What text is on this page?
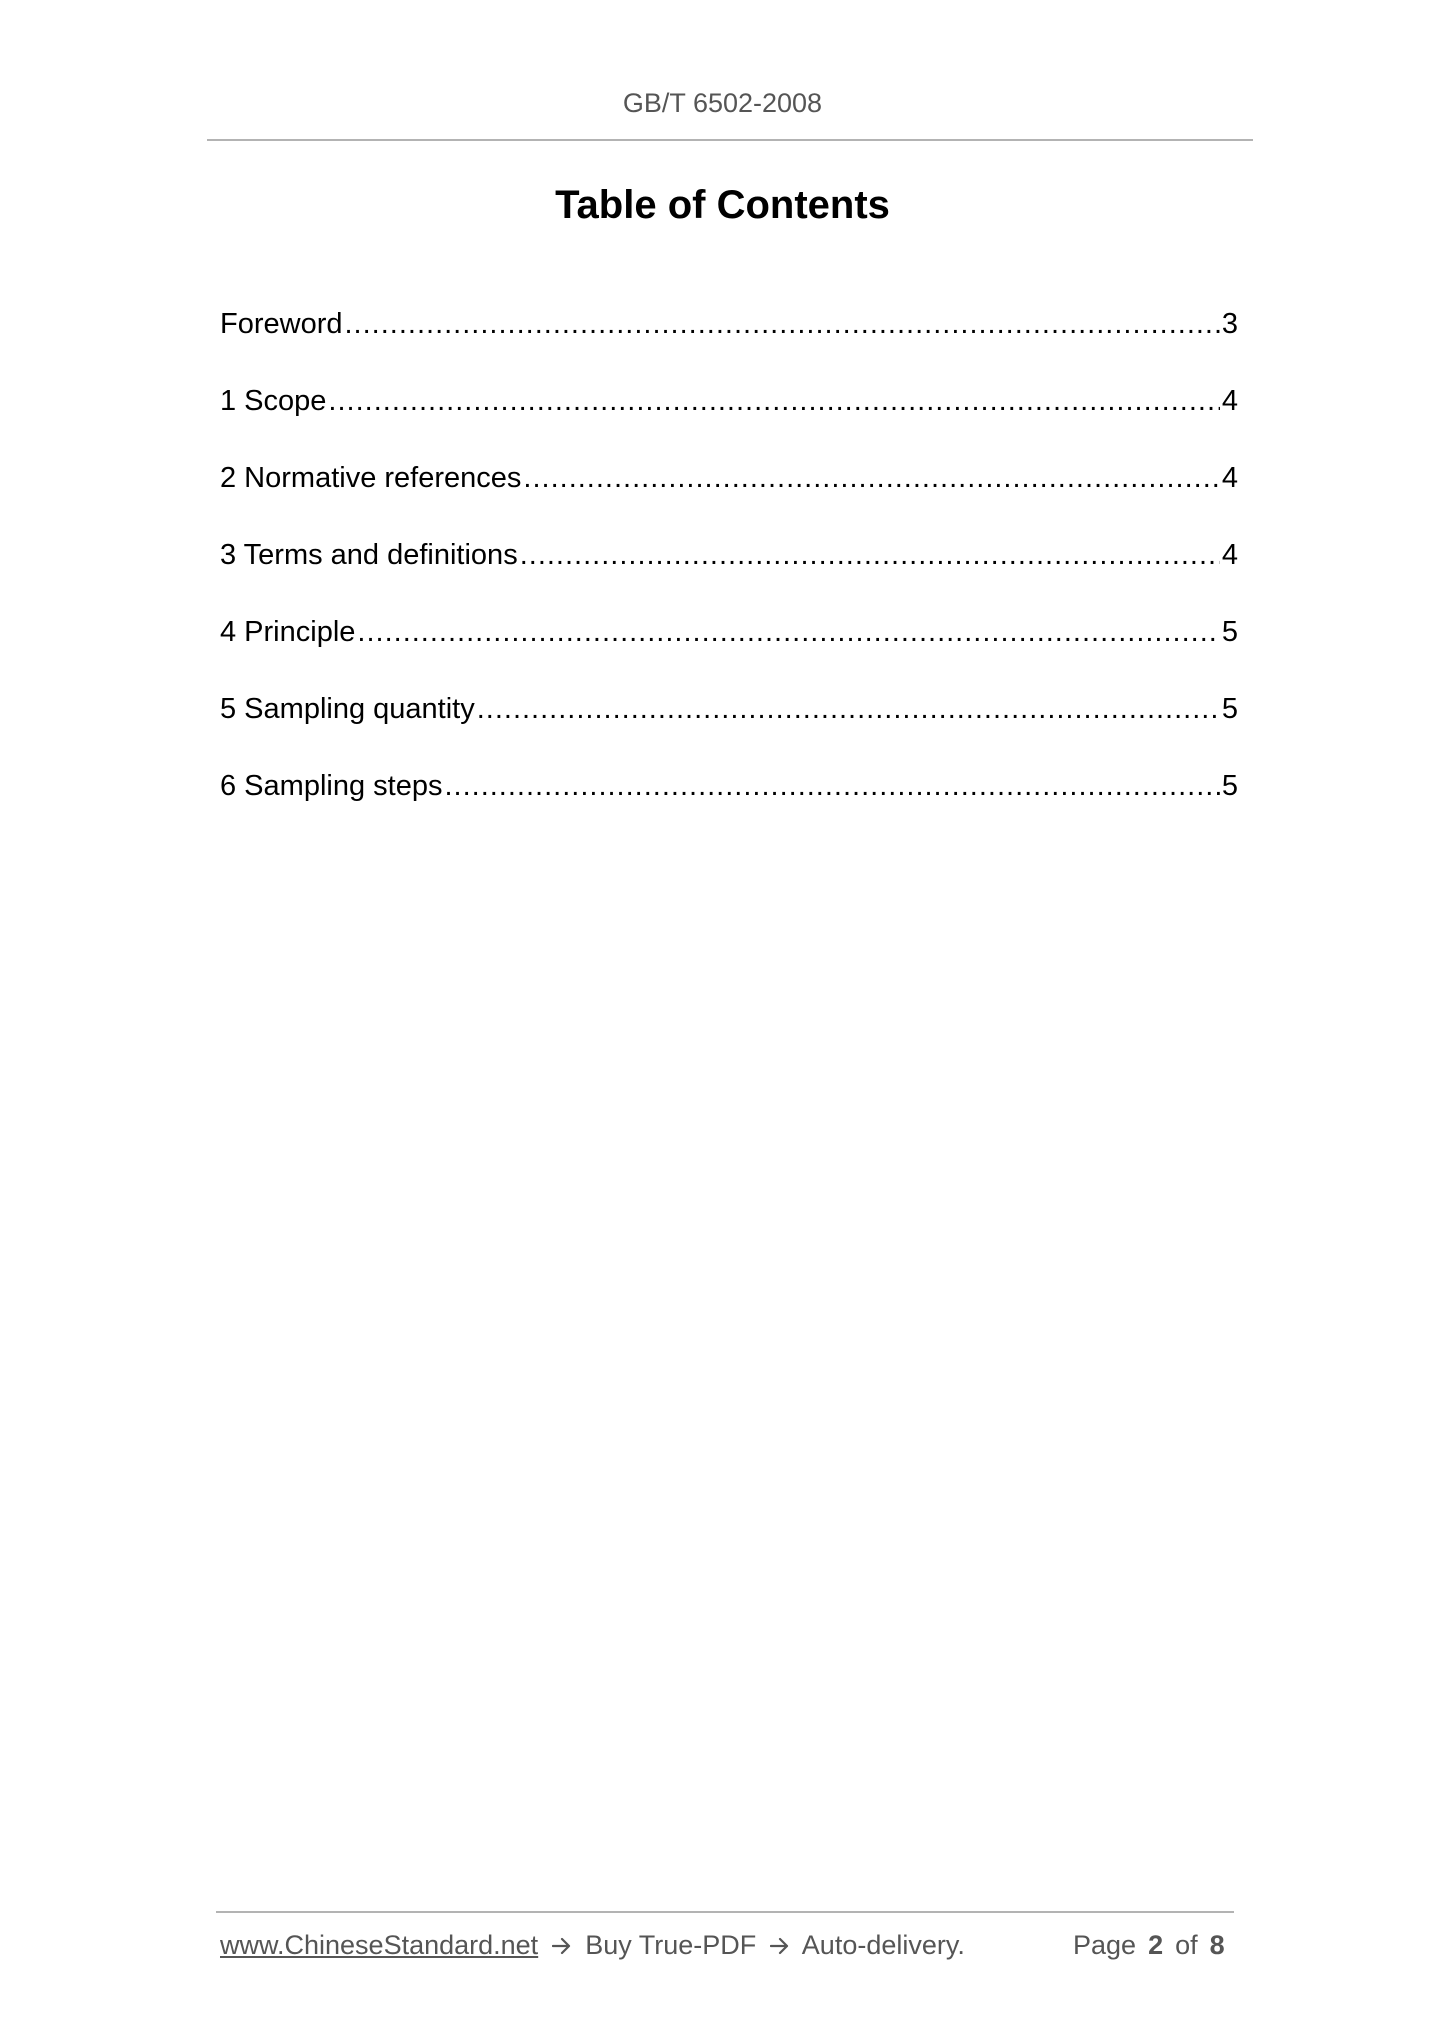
GB/T 6502-2008
Table of Contents
Foreword .....	3
1 Scope .....	4
2 Normative references .....	4
3 Terms and definitions .....	4
4 Principle .....	5
5 Sampling quantity .....	5
6 Sampling steps .....	5
www.ChineseStandard.net Buy True-PDF Auto-delivery.	Page 2 of 8
